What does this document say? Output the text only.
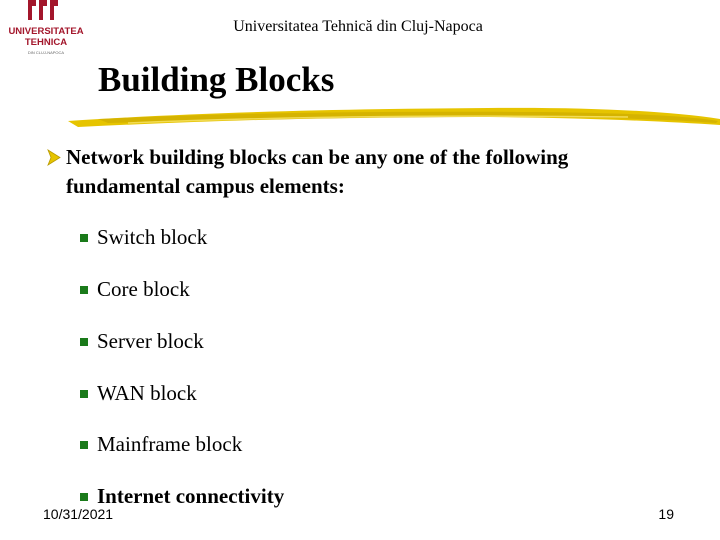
UNIVERSITATEA
TEHNICA
DIN CLUJ-NAPOCA
Universitatea Tehnică din Cluj-Napoca
Building Blocks
Network building blocks can be any one of the following fundamental campus elements:
Switch block
Core block
Server block
WAN block
Mainframe block
Internet connectivity
10/31/2021	19
